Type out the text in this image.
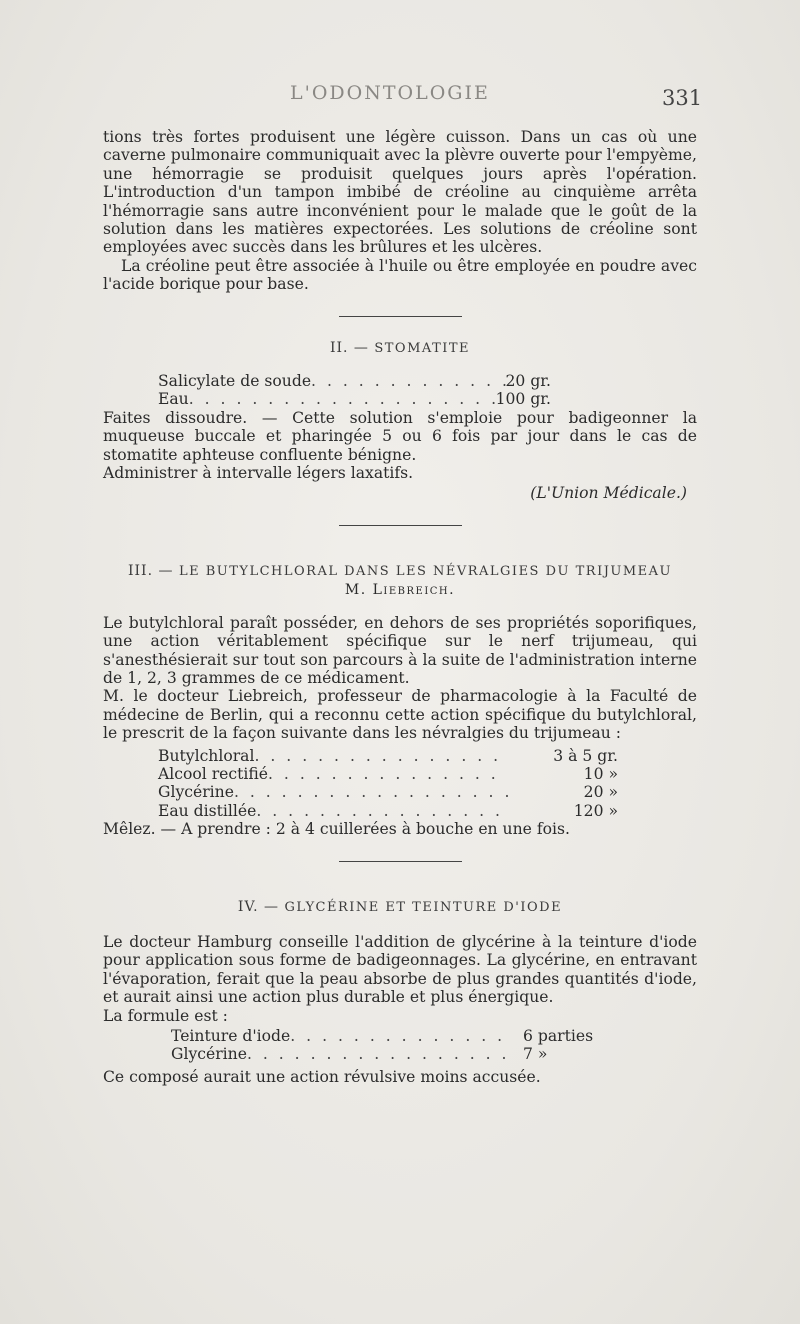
L'ODONTOLOGIE	331

tions très fortes produisent une légère cuisson. Dans un cas où une caverne pulmonaire communiquait avec la plèvre ouverte pour l'empyème, une hémorragie se produisit quelques jours après l'opération. L'introduction d'un tampon imbibé de créoline au cinquième arrêta l'hémorragie sans autre inconvénient pour le malade que le goût de la solution dans les matières expectorées. Les solutions de créoline sont employées avec succès dans les brûlures et les ulcères.

La créoline peut être associée à l'huile ou être employée en poudre avec l'acide borique pour base.

II. — STOMATITE
Salicylate de soude . . .	20 gr.
Eau . . .	100 gr.

Faites dissoudre. — Cette solution s'emploie pour badigeonner la muqueuse buccale et pharingée 5 ou 6 fois par jour dans le cas de stomatite aphteuse confluente bénigne.

Administrer à intervalle légers laxatifs.

(L'Union Médicale.)
III. — LE BUTYLCHLORAL DANS LES NÉVRALGIES DU TRIJUMEAU
M. Liebreich.

Le butylchloral paraît posséder, en dehors de ses propriétés soporifiques, une action véritablement spécifique sur le nerf trijumeau, qui s'anesthésierait sur tout son parcours à la suite de l'administration interne de 1, 2, 3 grammes de ce médicament.

M. le docteur Liebreich, professeur de pharmacologie à la Faculté de médecine de Berlin, qui a reconnu cette action spécifique du butylchloral, le prescrit de la façon suivante dans les névralgies du trijumeau :

Butylchloral . . .	3 à 5 gr.
Alcool rectifié . . .	10 »
Glycérine . . .	20 »
Eau distillée . . .	120 »

Mêlez. — A prendre : 2 à 4 cuillerées à bouche en une fois.

IV. — GLYCÉRINE ET TEINTURE D'IODE

Le docteur Hamburg conseille l'addition de glycérine à la teinture d'iode pour application sous forme de badigeonnages. La glycérine, en entravant l'évaporation, ferait que la peau absorbe de plus grandes quantités d'iode, et aurait ainsi une action plus durable et plus énergique.

La formule est :

Teinture d'iode . . .	6 parties
Glycérine . . .	7 »

Ce composé aurait une action révulsive moins accusée.
